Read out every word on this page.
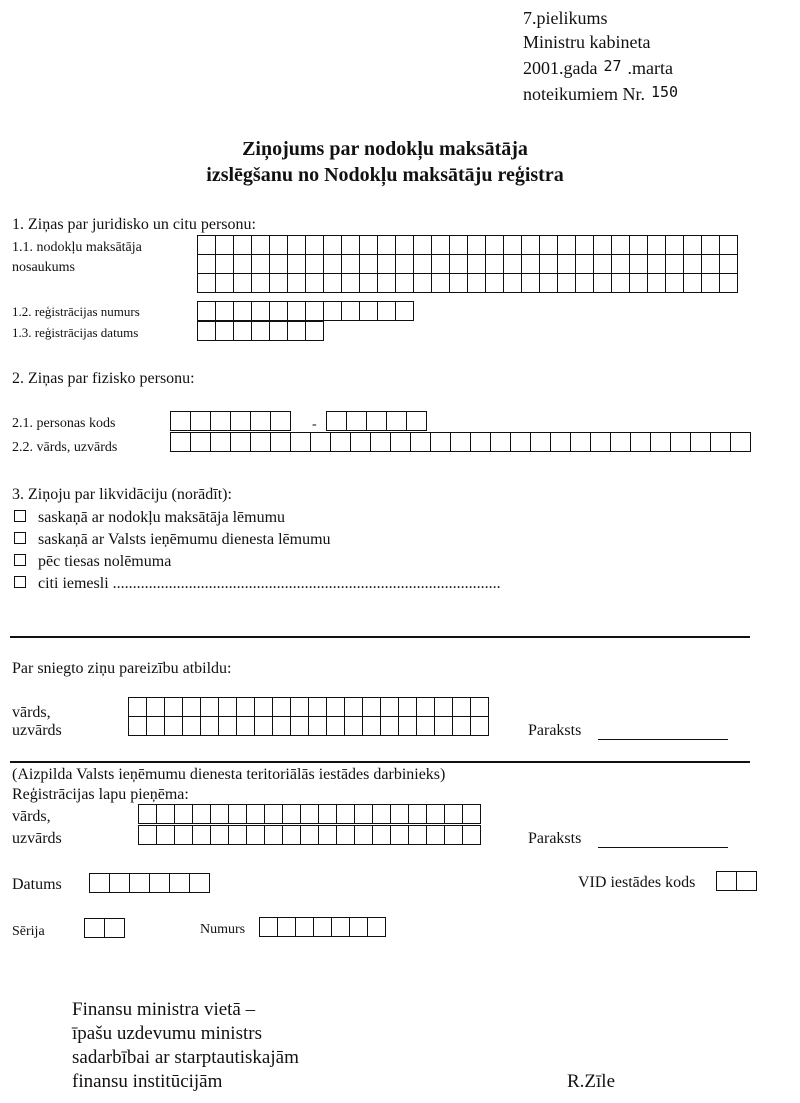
7.pielikums
Ministru kabineta
2001.gada 27 .marta
noteikumiem Nr. 150
Ziņojums par nodokļu maksātāja
izslēgšanu no Nodokļu maksātāju reģistra
1. Ziņas par juridisko un citu personu:
1.1. nodokļu maksātāja
nosaukums
1.2. reģistrācijas numurs
1.3. reģistrācijas datums
2. Ziņas par fizisko personu:
2.1. personas kods	-
2.2. vārds, uzvārds
3. Ziņoju par likvidāciju (norādīt):
saskaņā ar nodokļu maksātāja lēmumu
saskaņā ar Valsts ieņēmumu dienesta lēmumu
pēc tiesas nolēmuma
citi iemesli .................................................................................................
Par sniegto ziņu pareizību atbildu:
vārds,
uzvārds	Paraksts
(Aizpilda Valsts ieņēmumu dienesta teritoriālās iestādes darbinieks)
Reģistrācijas lapu pieņēma:
vārds,
uzvārds	Paraksts
Datums	VID iestādes kods
Sērija	Numurs
Finansu ministra vietā –
īpašu uzdevumu ministrs
sadarbībai ar starptautiskajām
finansu institūcijām	R.Zīle
